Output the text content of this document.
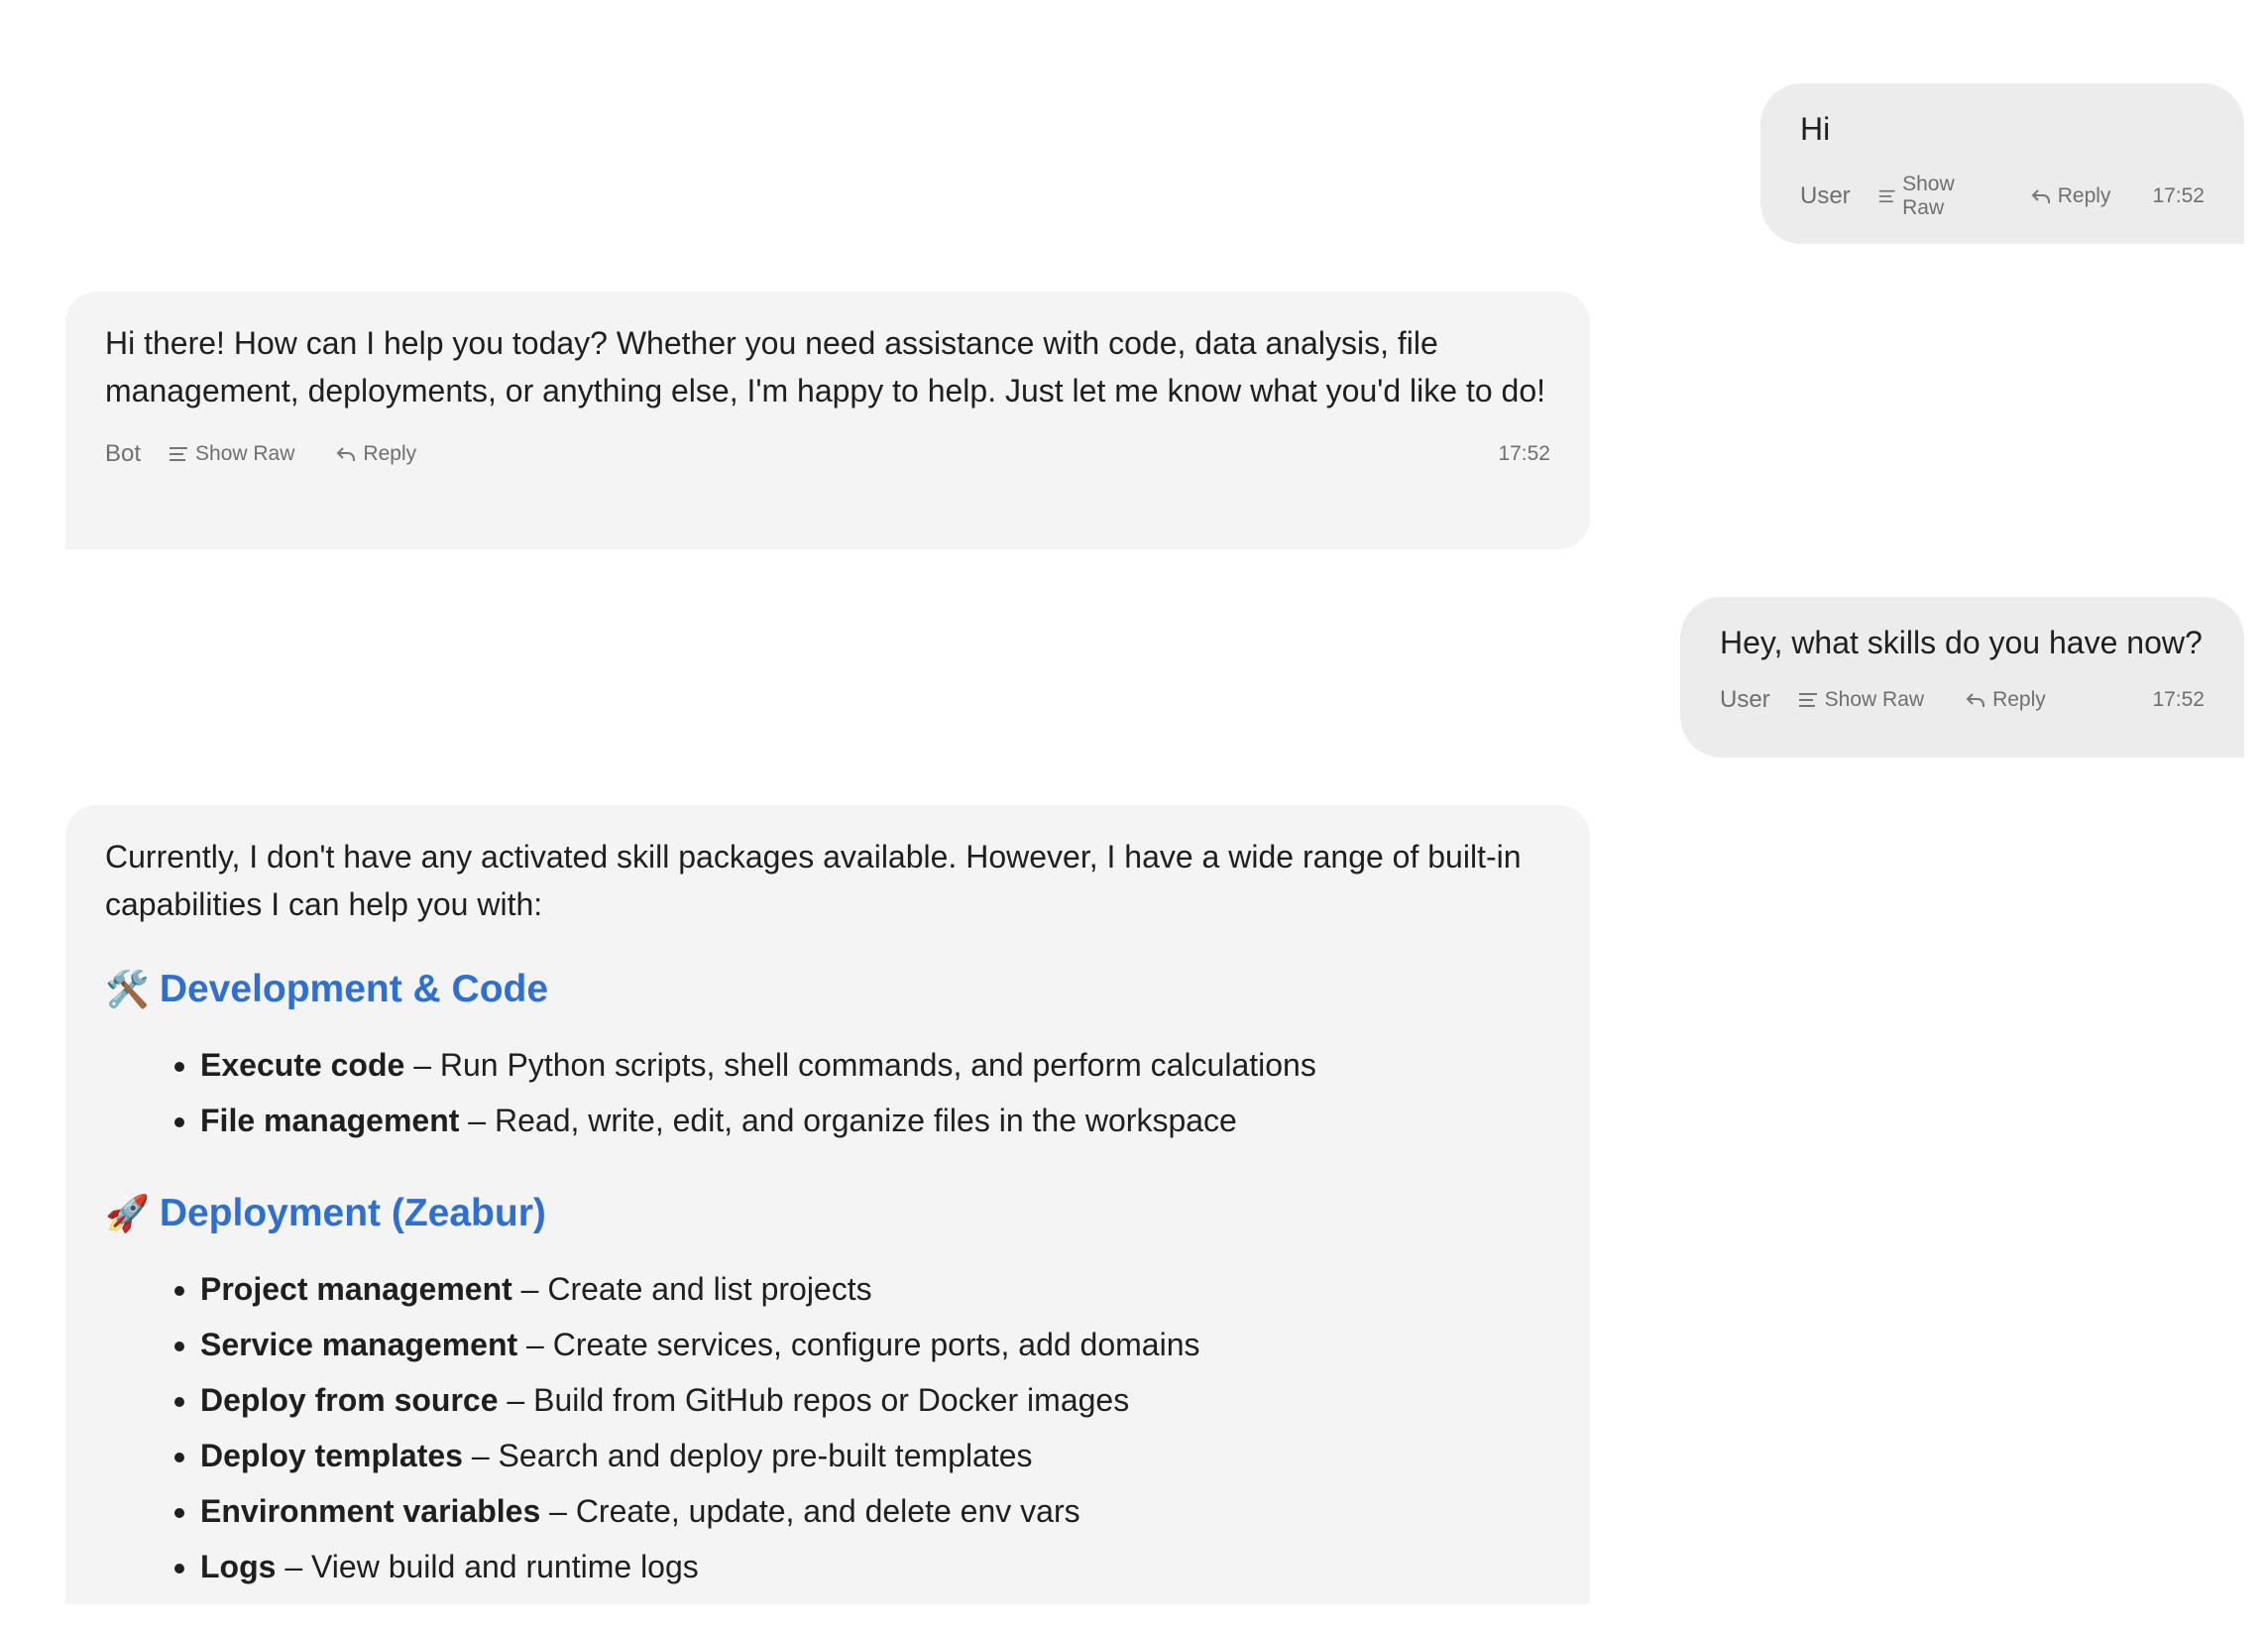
Hi
User Show Raw
Reply 17:52

Hi there! How can I help you today? Whether you need assistance with code, data analysis, file management, deployments, or anything else, I'm happy to help. Just let me know what you'd like to do!

Bot	Show Raw	Reply	17:52
Hey, what skills do you have now?
User	Show Raw	Reply	17:52

Currently, I don't have any activated skill packages available. However, I have a wide range of built-in capabilities I can help you with:

🛠️ Development & Code
• Execute code – Run Python scripts, shell commands, and perform calculations
• File management – Read, write, edit, and organize files in the workspace
🚀 Deployment (Zeabur)
• Project management – Create and list projects
• Service management – Create services, configure ports, add domains
• Deploy from source – Build from GitHub repos or Docker images
• Deploy templates – Search and deploy pre-built templates
• Environment variables – Create, update, and delete env vars
• Logs – View build and runtime logs
